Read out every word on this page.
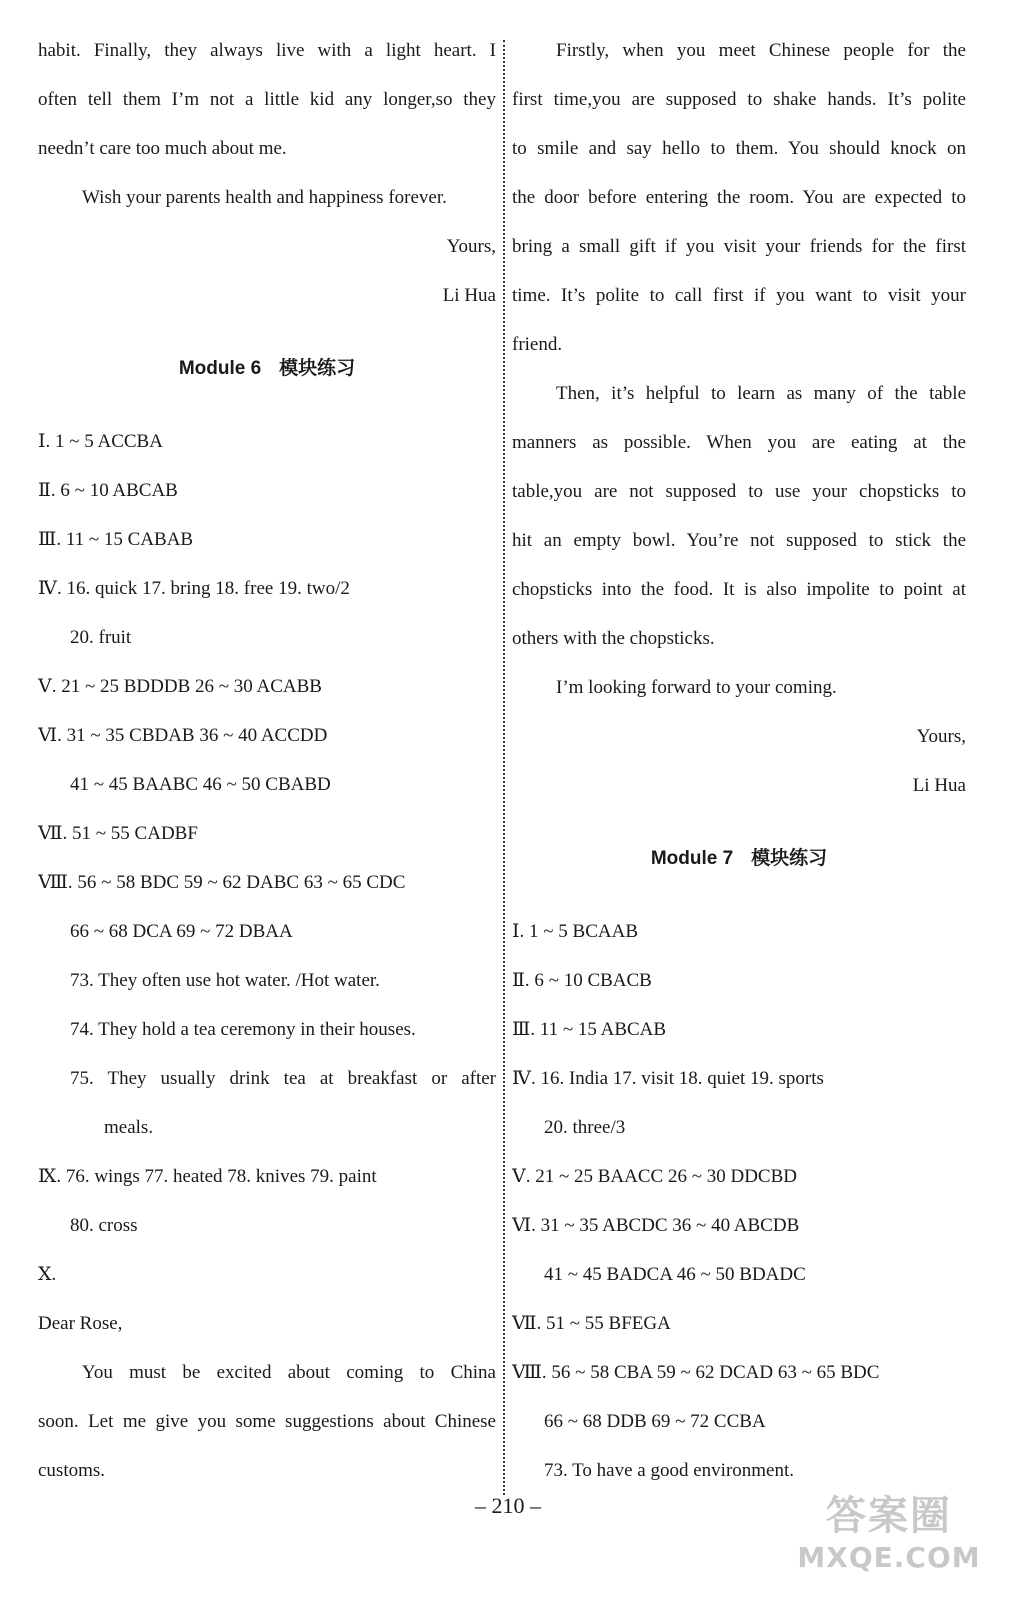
habit. Finally, they always live with a light heart. I
often tell them I’m not a little kid any longer,so they
needn’t care too much about me.
Wish your parents health and happiness forever.
Yours,
Li Hua
Module 6 模块练习
Ⅰ. 1 ~ 5 ACCBA
Ⅱ. 6 ~ 10 ABCAB
Ⅲ. 11 ~ 15 CABAB
Ⅳ. 16. quick 17. bring 18. free 19. two/2
20. fruit
Ⅴ. 21 ~ 25 BDDDB 26 ~ 30 ACABB
Ⅵ. 31 ~ 35 CBDAB 36 ~ 40 ACCDD
41 ~ 45 BAABC 46 ~ 50 CBABD
Ⅶ. 51 ~ 55 CADBF
Ⅷ. 56 ~ 58 BDC 59 ~ 62 DABC 63 ~ 65 CDC
66 ~ 68 DCA 69 ~ 72 DBAA
73. They often use hot water. /Hot water.
74. They hold a tea ceremony in their houses.
75. They usually drink tea at breakfast or after
meals.
Ⅸ. 76. wings 77. heated 78. knives 79. paint
80. cross
Ⅹ.
Dear Rose,
You must be excited about coming to China
soon. Let me give you some suggestions about Chinese
customs.
Firstly, when you meet Chinese people for the
first time,you are supposed to shake hands. It’s polite
to smile and say hello to them. You should knock on
the door before entering the room. You are expected to
bring a small gift if you visit your friends for the first
time. It’s polite to call first if you want to visit your
friend.
Then, it’s helpful to learn as many of the table
manners as possible. When you are eating at the
table,you are not supposed to use your chopsticks to
hit an empty bowl. You’re not supposed to stick the
chopsticks into the food. It is also impolite to point at
others with the chopsticks.
I’m looking forward to your coming.
Yours,
Li Hua
Module 7 模块练习
Ⅰ. 1 ~ 5 BCAAB
Ⅱ. 6 ~ 10 CBACB
Ⅲ. 11 ~ 15 ABCAB
Ⅳ. 16. India 17. visit 18. quiet 19. sports
20. three/3
Ⅴ. 21 ~ 25 BAACC 26 ~ 30 DDCBD
Ⅵ. 31 ~ 35 ABCDC 36 ~ 40 ABCDB
41 ~ 45 BADCA 46 ~ 50 BDADC
Ⅶ. 51 ~ 55 BFEGA
Ⅷ. 56 ~ 58 CBA 59 ~ 62 DCAD 63 ~ 65 BDC
66 ~ 68 DDB 69 ~ 72 CCBA
73. To have a good environment.
– 210 –	答案圈
MXQE.COM
